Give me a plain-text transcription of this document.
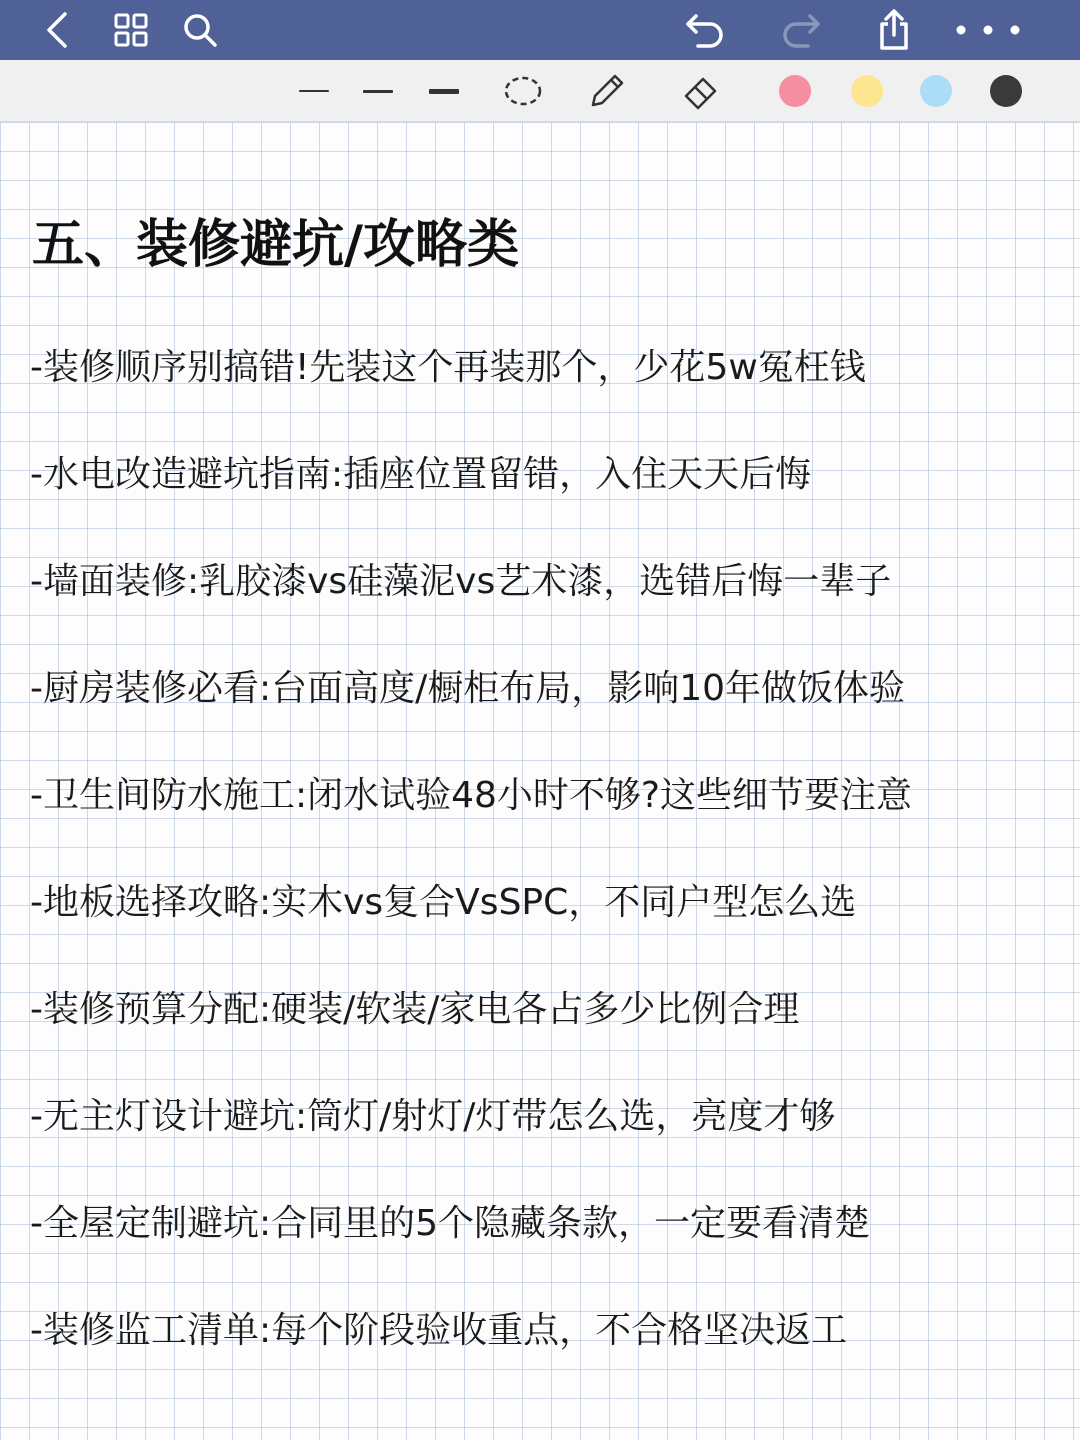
五、装修避坑/攻略类

-装修顺序别搞错!先装这个再装那个，少花5w冤枉钱

-水电改造避坑指南:插座位置留错，入住天天后悔

-墙面装修:乳胶漆vs硅藻泥vs艺术漆，选错后悔一辈子

-厨房装修必看:台面高度/橱柜布局，影响10年做饭体验

-卫生间防水施工:闭水试验48小时不够?这些细节要注意

-地板选择攻略:实木vs复合VsSPC，不同户型怎么选

-装修预算分配:硬装/软装/家电各占多少比例合理

-无主灯设计避坑:筒灯/射灯/灯带怎么选，亮度才够

-全屋定制避坑:合同里的5个隐藏条款，一定要看清楚

-装修监工清单:每个阶段验收重点，不合格坚决返工
